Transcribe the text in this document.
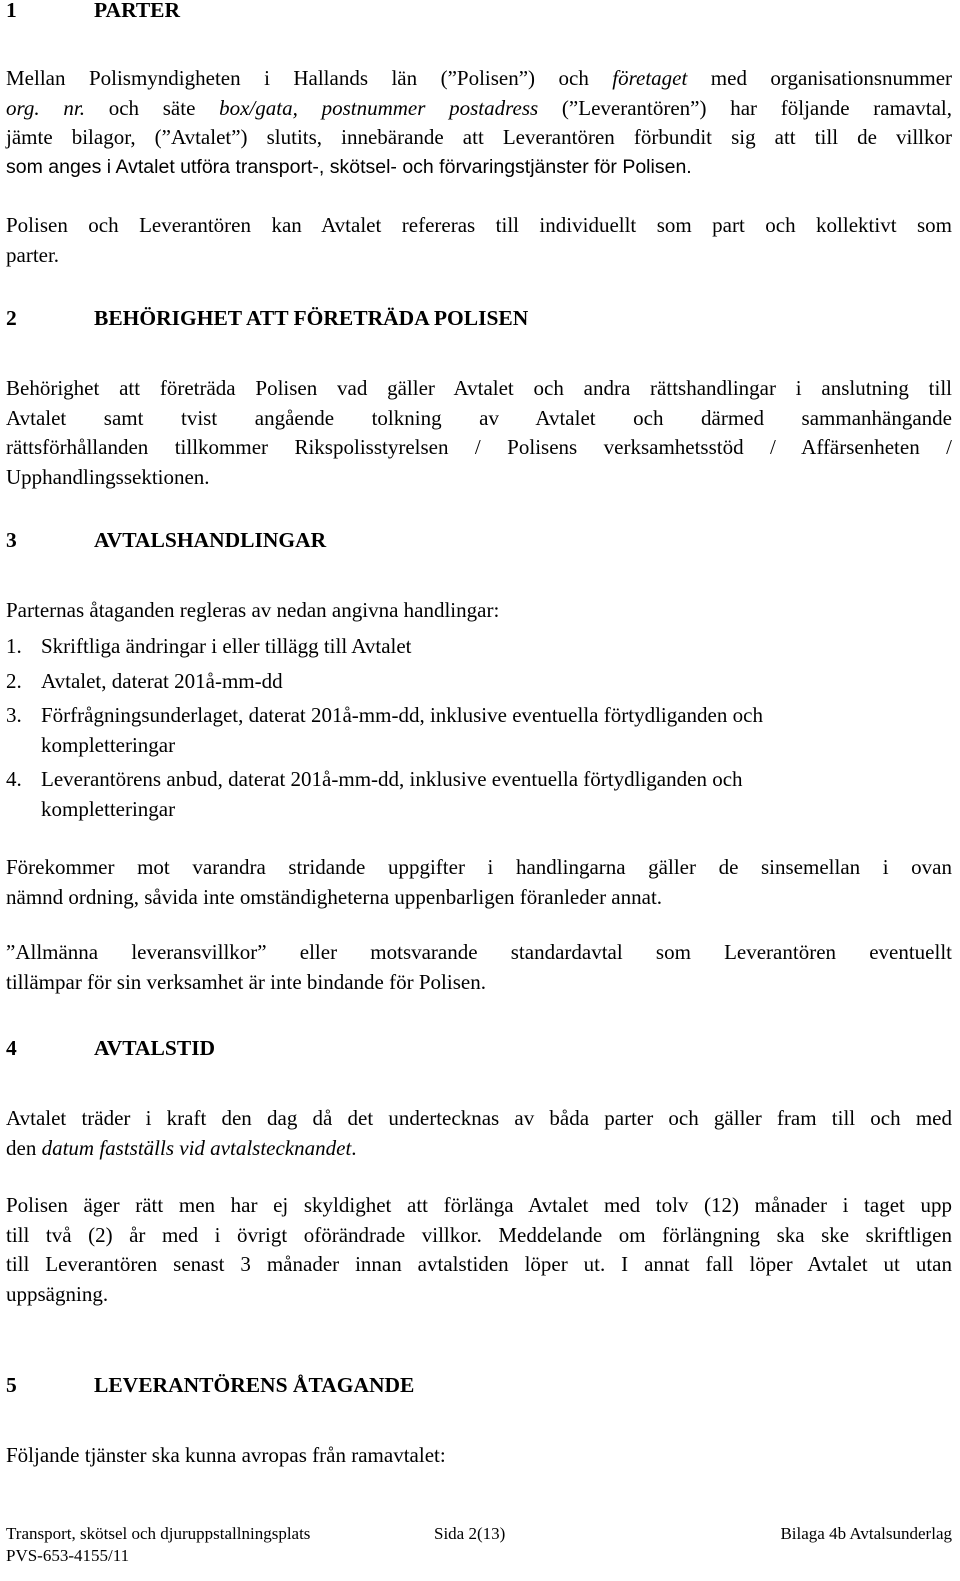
1	PARTER
Mellan Polismyndigheten i Hallands län (”Polisen”) och företaget med organisationsnummer
org. nr. och säte box/gata, postnummer postadress (”Leverantören”) har följande ramavtal,
jämte bilagor, (”Avtalet”) slutits, innebärande att Leverantören förbundit sig att till de villkor
som anges i Avtalet utföra transport-, skötsel- och förvaringstjänster för Polisen.
Polisen och Leverantören kan Avtalet refereras till individuellt som part och kollektivt som
parter.
2	BEHÖRIGHET ATT FÖRETRÄDA POLISEN
Behörighet att företräda Polisen vad gäller Avtalet och andra rättshandlingar i anslutning till
Avtalet samt tvist angående tolkning av Avtalet och därmed sammanhängande
rättsförhållanden tillkommer Rikspolisstyrelsen / Polisens verksamhetsstöd / Affärsenheten /
Upphandlingssektionen.
3	AVTALSHANDLINGAR
Parternas åtaganden regleras av nedan angivna handlingar:
1. Skriftliga ändringar i eller tillägg till Avtalet
2. Avtalet, daterat 201å-mm-dd
3. Förfrågningsunderlaget, daterat 201å-mm-dd, inklusive eventuella förtydliganden och
kompletteringar
4. Leverantörens anbud, daterat 201å-mm-dd, inklusive eventuella förtydliganden och
kompletteringar
Förekommer mot varandra stridande uppgifter i handlingarna gäller de sinsemellan i ovan
nämnd ordning, såvida inte omständigheterna uppenbarligen föranleder annat.
”Allmänna leveransvillkor” eller motsvarande standardavtal som Leverantören eventuellt
tillämpar för sin verksamhet är inte bindande för Polisen.
4	AVTALSTID
Avtalet träder i kraft den dag då det undertecknas av båda parter och gäller fram till och med
den datum fastställs vid avtalstecknandet.
Polisen äger rätt men har ej skyldighet att förlänga Avtalet med tolv (12) månader i taget upp
till två (2) år med i övrigt oförändrade villkor. Meddelande om förlängning ska ske skriftligen
till Leverantören senast 3 månader innan avtalstiden löper ut. I annat fall löper Avtalet ut utan
uppsägning.
5	LEVERANTÖRENS ÅTAGANDE
Följande tjänster ska kunna avropas från ramavtalet:
Transport, skötsel och djuruppstallningsplats	Sida 2(13)	Bilaga 4b Avtalsunderlag
PVS-653-4155/11
